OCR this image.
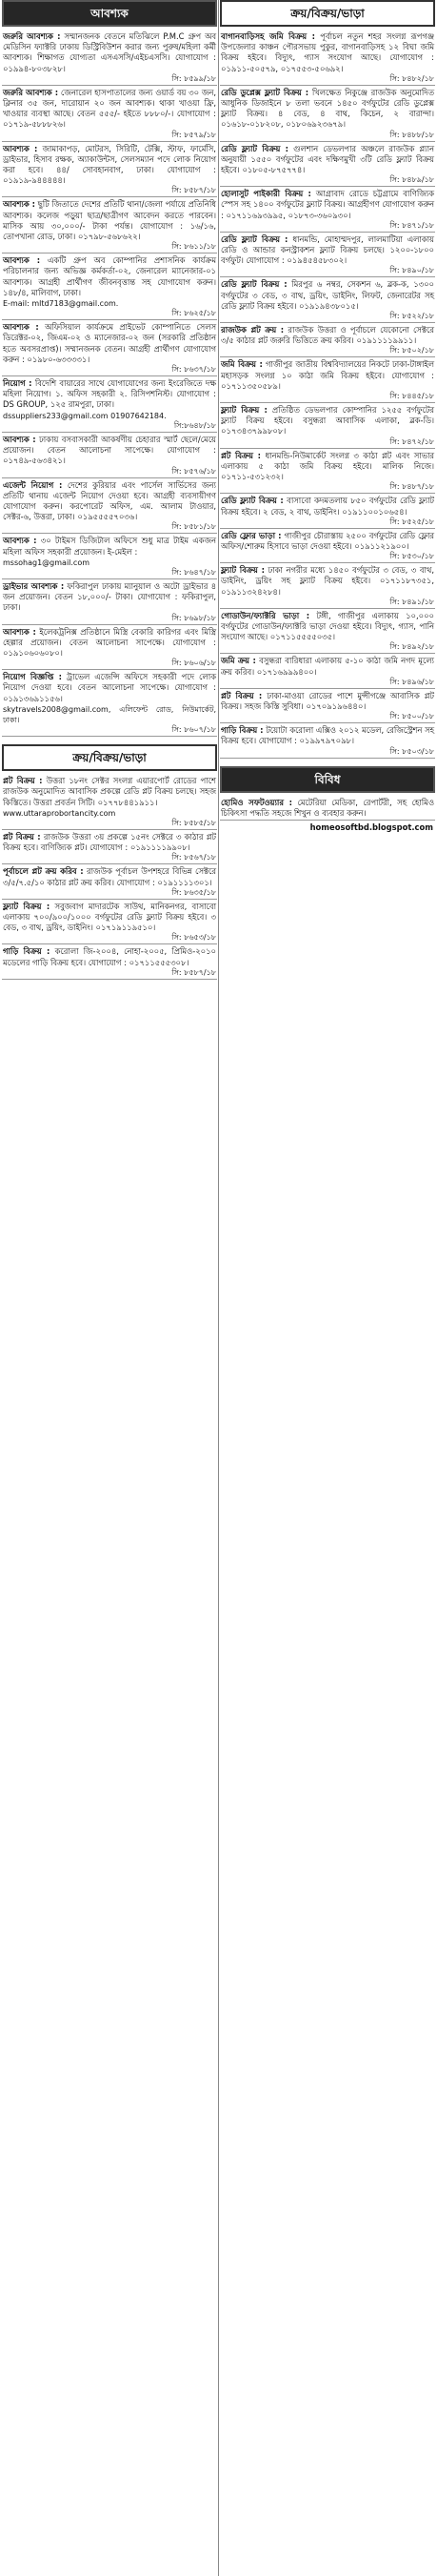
আবশ্যক
জরুরি আবশ্যক : সম্মানজনক বেতনে মতিঝিলে P.M.C গ্রুপ অব মেডিসিন ফ্যাক্টরি ঢাকায় ডিস্ট্রিবিউশন করার জন্য পুরুষ/মহিলা কর্মী আবশ্যক। শিক্ষাগত যোগ্যতা এসএসসি/এইচএসসি। যোগাযোগ : ০১৯৯৪-৮০৩৮২৮।
সি: ৮৫৯৯/১৮
জরুরি আবশ্যক : জেনারেল হাসপাতালের জন্য ওয়ার্ড বয় ৩০ জন, ক্লিনার ৩৫ জন, দারোয়ান ২০ জন আবশ্যক। থাকা খাওয়া ফ্রি, খাওয়ার ব্যবস্থা আছে। বেতন ৫৫৫/- হইতে ৮৮৮০/-। যোগাযোগ : ০১৭১৯-৫৮৮৮২৬।
সি: ৮৫৭৯/১৮
আবশ্যক : জামাকাপড়, মোটরস, সিরিটি, টেক্সি, স্টাফ, ফার্মেসি, ড্রাইভার, হিসাব রক্ষক, অ্যাকাউন্টস, সেলসম্যান পদে লোক নিয়োগ করা হবে। ৪৪/ সোবহানবাগ, ঢাকা। যোগাযোগ : ০১৯১৯-৯৪৪৪৪৪।
সি: ৮৫৮৭/১৮
আবশ্যক : ছুটি জিতাতে দেশের প্রতিটি থানা/জেলা পর্যায়ে প্রতিনিধি আবশ্যক। কলেজ পড়ুয়া ছাত্র/ছাত্রীগণ আবেদন করতে পারবেন। মাসিক আয় ৩০,০০০/- টাকা পর্যন্ত। যোগাযোগ : ১৬/১৬, তোপখানা রোড, ঢাকা। ০১৭৯৮-৫৬৮৬২২।
সি: ৮৬১১/১৮
আবশ্যক : একটি গ্রুপ অব কোম্পানির প্রশাসনিক কার্যক্রম পরিচালনার জন্য অভিজ্ঞ কর্মকর্তা-০২, জেনারেল ম্যানেজার-০১ আবশ্যক। আগ্রহী প্রার্থীগণ জীবনবৃত্তান্ত সহ যোগাযোগ করুন। ১৪৮/৪, মালিবাগ, ঢাকা।
E-mail: mltd7183@gmail.com.
সি: ৮৬২৫/১৮
আবশ্যক : অফিসিয়াল কার্যক্রমে প্রাইভেট কোম্পানিতে সেলস ডিরেক্টর-০২, জিএম-০২ ও ম্যানেজার-০২ জন (সরকারি প্রতিষ্ঠান হতে অবসরপ্রাপ্ত)। সম্মানজনক বেতন। আগ্রহী প্রার্থীগণ যোগাযোগ করুন : ০১৯৮০-৬৩৩৩৩১।
সি: ৮৬৩৭/১৮
নিয়োগ : বিদেশি বায়ারের সাথে যোগাযোগের জন্য ইংরেজিতে দক্ষ মহিলা নিয়োগ। ১. অফিস সহকারী ২. রিসিপশনিস্ট। যোগাযোগ : DS GROUP, ১২৫ রামপুরা, ঢাকা।
dssuppliers233@gmail.com 01907642184.
সি:৮৬৪৮/১৮
আবশ্যক : ঢাকায় বসবাসকারী আকর্ষণীয় চেহারার স্মার্ট ছেলে/মেয়ে প্রয়োজন। বেতন আলোচনা সাপেক্ষে। যোগাযোগ : ০১৭৪৯-৫৬৩৪২১।
সি: ৮৫৭৬/১৮
এজেন্ট নিয়োগ : দেশের কুরিয়ার এবং পার্সেল সার্ভিসের জন্য প্রতিটি থানায় এজেন্ট নিয়োগ দেওয়া হবে। আগ্রহী ব্যবসায়ীগণ যোগাযোগ করুন। করপোরেট অফিস, এম. আলাম টাওয়ার, সেক্টর-৬, উত্তরা, ঢাকা। ০১৯৫৫৫৫৭০৩৬।
সি: ৮৫৮১/১৮
আবশ্যক : ৩০ টাইমস ডিজিটাল অফিসে শুধু মাত্র টাইম একজন মহিলা অফিস সহকারী প্রয়োজন। ই-মেইল :
mssohag1@gmail.com
সি: ৮৬৪৭/১৮
ড্রাইভার আবশ্যক : ফকিরাপুল ঢাকায় ম্যানুয়াল ও অটো ড্রাইভার ৪ জন প্রয়োজন। বেতন ১৮,০০০/- টাকা। যোগাযোগ : ফকিরাপুল, ঢাকা।
সি: ৮৬৯৮/১৮
আবশ্যক : ইলেকট্রনিক্স প্রতিষ্ঠানে মিস্ত্রি বেকারি কারিগর এবং মিস্ত্রি হেল্পার প্রয়োজন। বেতন আলোচনা সাপেক্ষে। যোগাযোগ : ০১৯১০৬০৬০৮০।
সি: ৮৬০৬/১৮
নিয়োগ বিজ্ঞপ্তি : ট্রাভেল এজেন্সি অফিসে সহকারী পদে লোক নিয়োগ দেওয়া হবে। বেতন আলোচনা সাপেক্ষে। যোগাযোগ : ০১৯১৩৬৯১১৫৬।
skytravels2008@gmail.com, এলিফেন্ট রোড, নিউমার্কেট, ঢাকা।
সি: ৮৬০৭/১৮
ক্রয়/বিক্রয়/ভাড়া
প্লট বিক্রয় : উত্তরা ১৮নং সেক্টর সংলগ্ন এয়ারপোর্ট রোডের পাশে রাজউক অনুমোদিত আবাসিক প্রকল্পে রেডি প্লট বিক্রয় চলছে। সহজ কিস্তিতে। উত্তরা প্রবর্তন সিটি। ০১৭৭৮৪৪১৯১১।
www.uttaraprobortancity.com
সি: ৮৫৮৫/১৮
প্লট বিক্রয় : রাজউক উত্তরা ৩য় প্রকল্পে ১৫নং সেক্টরে ৩ কাঠার প্লট বিক্রয় হবে। বাণিজ্যিক প্লট। যোগাযোগ : ০১৯১১১১৯৯০৮।
সি: ৮৫৬৭/১৮
পূর্বাচলে প্লট ক্রয় করিব : রাজউক পূর্বাচল উপশহরে বিভিন্ন সেক্টরে ৩/৫/৭.৫/১০ কাঠার প্লট ক্রয় করিব। যোগাযোগ : ০১৯১১১১৩০১।
সি: ৮৬৩৫/১৮
ফ্ল্যাট বিক্রয় : সবুজবাগ মাদারটেক সাউথ, মানিকনগর, বাসাবো এলাকায় ৭০০/৯০০/১০০০ বর্গফুটের রেডি ফ্ল্যাট বিক্রয় হইবে। ৩ বেড, ৩ বাথ, ড্রয়িং, ডাইনিং। ০১৭১৯১১৯৫১০।
সি: ৮৬৫৩/১৮
গাড়ি বিক্রয় : করোলা জি-২০০৪, নোহা-২০০৫, প্রিমিও-২০১০ মডেলের গাড়ি বিক্রয় হবে। যোগাযোগ : ০১৭১১৫৫৫৩০৮।
সি: ৮৫৮৭/১৮
ক্রয়/বিক্রয়/ভাড়া
বাগানবাড়িসহ জমি বিক্রয় : পূর্বাচল নতুন শহর সংলগ্ন রূপগঞ্জ উপজেলার কাঞ্চন পৌরসভায় পুকুর, বাগানবাড়িসহ ১২ বিঘা জমি বিক্রয় হইবে। বিদ্যুৎ, গ্যাস সংযোগ আছে। যোগাযোগ : ০১৯১১-৫০৫৭৯, ০১৭৫৫৩-৫০৬৯২।
সি: ৮৪৮২/১৮
রেডি ডুপ্লেক্স ফ্ল্যাট বিক্রয় : খিলক্ষেত নিকুঞ্জে রাজউক অনুমোদিত আধুনিক ডিজাইনে ৮ তলা ভবনে ১৪৫০ বর্গফুটের রেডি ডুপ্লেক্স ফ্ল্যাট বিক্রয়। ৪ বেড, ৪ বাথ, কিচেন, ২ বারান্দা। ০১৬১৮-০১৮২০৮, ০১৮০৬৯২৩৬৭৯।
সি: ৮৪৮৮/১৮
রেডি ফ্ল্যাট বিক্রয় : গুলশান ডেভলপার অঞ্চলে রাজউক প্ল্যান অনুযায়ী ১৫৫০ বর্গফুটের এবং দক্ষিণমুখী ৩টি রেডি ফ্ল্যাট বিক্রয় হইবে। ০১৮০৫-৮৭৫৭৭৪।
সি: ৮৪৮৯/১৮
হোলাসুট পাইকারী বিক্রয় : আগ্রাবাদ রোডে চট্টগ্রামে বাণিজ্যিক স্পেস সহ ১৪০০ বর্গফুটের ফ্ল্যাট বিক্রয়। আগ্রহীগণ যোগাযোগ করুন : ০১৭১১৬৯৩৯৯৫, ০১৮৭৩-৩৬০৯৩০।
সি: ৮৪৭১/১৮
রেডি ফ্ল্যাট বিক্রয় : ধানমন্ডি, মোহাম্মদপুর, লালমাটিয়া এলাকায় রেডি ও আন্ডার কনস্ট্রাকশন ফ্ল্যাট বিক্রয় চলছে। ১২০০-১৮০০ বর্গফুট। যোগাযোগ : ০১৯৪৫৪৫৮৩০২।
সি: ৮৪৯০/১৮
রেডি ফ্ল্যাট বিক্রয় : মিরপুর ৬ নম্বর, সেকশন ৬, ব্লক-ক, ১৩০০ বর্গফুটের ৩ বেড, ৩ বাথ, ড্রয়িং, ডাইনিং, লিফট, জেনারেটর সহ রেডি ফ্ল্যাট বিক্রয় হইবে। ০১৯১৯৪৩৮০১৫।
সি: ৮৫২২/১৮
রাজউক প্লট ক্রয় : রাজউক উত্তরা ও পূর্বাচলে যেকোনো সেক্টরে ৩/৫ কাঠার প্লট জরুরি ভিত্তিতে ক্রয় করিব। ০১৯১১১১৯৯১১।
সি: ৮৫০২/১৮
জমি বিক্রয় : গাজীপুর জাতীয় বিশ্ববিদ্যালয়ের নিকটে ঢাকা-টাঙ্গাইল মহাসড়ক সংলগ্ন ১০ কাঠা জমি বিক্রয় হইবে। যোগাযোগ : ০১৭১১৩৫০৫৮৯।
সি: ৮৪৪৫/১৮
ফ্ল্যাট বিক্রয় : প্রতিষ্ঠিত ডেভলপার কোম্পানির ১২৫৫ বর্গফুটের ফ্ল্যাট বিক্রয় হইবে। বসুন্ধরা আবাসিক এলাকা, ব্লক-ডি। ০১৭৩৪৩৭৯৯৮০৮।
সি: ৮৪৭২/১৮
প্লট বিক্রয় : ধানমন্ডি-নিউমার্কেট সংলগ্ন ৩ কাঠা প্লট এবং সাভার এলাকায় ৫ কাঠা জমি বিক্রয় হইবে। মালিক নিজে। ০১৭১১-৫৩১২৩২।
সি: ৮৪৮৭/১৮
রেডি ফ্ল্যাট বিক্রয় : বাসাবো কদমতলায় ৮৫০ বর্গফুটের রেডি ফ্ল্যাট বিক্রয় হইবে। ২ বেড, ২ বাথ, ডাইনিং। ০১৯১১০০১০৬৫৪।
সি: ৮৫২৫/১৮
রেডি ফ্লোর ভাড়া : গাজীপুর চৌরাস্তায় ২৫০০ বর্গফুটের রেডি ফ্লোর অফিস/শোরুম হিসাবে ভাড়া দেওয়া হইবে। ০১৯১১২১৯০০।
সি: ৮৫৩০/১৮
ফ্ল্যাট বিক্রয় : ঢাকা নগরীর মধ্যে ১৪৫০ বর্গফুটের ৩ বেড, ৩ বাথ, ডাইনিং, ড্রয়িং সহ ফ্ল্যাট বিক্রয় হইবে। ০১৭১১৮৭৩৫১, ০১৯১১৩২৪২৮৪।
সি: ৮৪৯১/১৮
গোডাউন/ফ্যাক্টরি ভাড়া : টঙ্গী, গাজীপুর এলাকায় ১০,০০০ বর্গফুটের গোডাউন/ফ্যাক্টরি ভাড়া দেওয়া হইবে। বিদ্যুৎ, গ্যাস, পানি সংযোগ আছে। ০১৭১১৫৫৫৫০৩৫।
সি: ৮৪৯২/১৮
জমি ক্রয় : বসুন্ধরা বারিধারা এলাকায় ৫-১০ কাঠা জমি নগদ মূল্যে ক্রয় করিব। ০১৭১৬৯৯৯৪০০।
সি: ৮৪৯৬/১৮
প্লট বিক্রয় : ঢাকা-মাওয়া রোডের পাশে মুন্সীগঞ্জে আবাসিক প্লট বিক্রয়। সহজ কিস্তি সুবিধা। ০১৭০৯১৯৬৪৪০।
সি: ৮৫০০/১৮
গাড়ি বিক্রয় : টয়োটা করোলা এক্সিও ২০১২ মডেল, রেজিস্ট্রেশন সহ বিক্রয় হবে। যোগাযোগ : ০১৯৯৭৯৭০৯৮।
সি: ৮৫০৩/১৮
বিবিধ
হোমিও সফটওয়্যার : মেটেরিয়া মেডিকা, রেপার্টরী, সহ হোমিও চিকিৎসা পদ্ধতি সহজে শিখুন ও ব্যবহার করুন।
homeosoftbd.blogspot.com
